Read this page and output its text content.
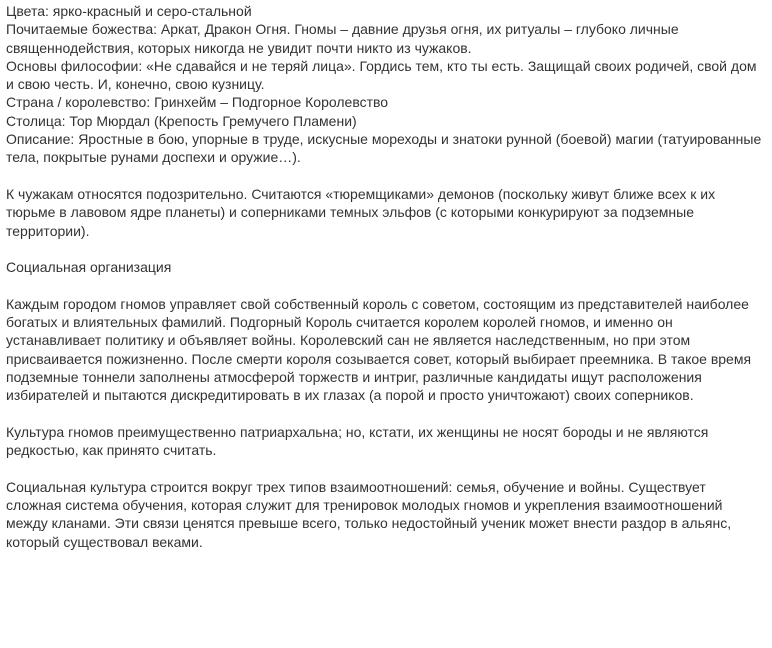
Цвета: ярко-красный и серо-стальной

Почитаемые божества: Аркат, Дракон Огня. Гномы – давние друзья огня, их ритуалы – глубоко личные священнодействия, которых никогда не увидит почти никто из чужаков.

Основы философии: «Не сдавайся и не теряй лица». Гордись тем, кто ты есть. Защищай своих родичей, свой дом и свою честь. И, конечно, свою кузницу.

Страна / королевство: Гринхейм – Подгорное Королевство

Столица: Тор Мюрдал (Крепость Гремучего Пламени)

Описание: Яростные в бою, упорные в труде, искусные мореходы и знатоки рунной (боевой) магии (татуированные тела, покрытые рунами доспехи и оружие…).

К чужакам относятся подозрительно. Считаются «тюремщиками» демонов (поскольку живут ближе всех к их тюрьме в лавовом ядре планеты) и соперниками темных эльфов (с которыми конкурируют за подземные территории).

Социальная организация

Каждым городом гномов управляет свой собственный король с советом, состоящим из представителей наиболее богатых и влиятельных фамилий. Подгорный Король считается королем королей гномов, и именно он устанавливает политику и объявляет войны. Королевский сан не является наследственным, но при этом присваивается пожизненно. После смерти короля созывается совет, который выбирает преемника. В такое время подземные тоннели заполнены атмосферой торжеств и интриг, различные кандидаты ищут расположения избирателей и пытаются дискредитировать в их глазах (а порой и просто уничтожают) своих соперников.

Культура гномов преимущественно патриархальна; но, кстати, их женщины не носят бороды и не являются редкостью, как принято считать.

Социальная культура строится вокруг трех типов взаимоотношений: семья, обучение и войны. Существует сложная система обучения, которая служит для тренировок молодых гномов и укрепления взаимоотношений между кланами. Эти связи ценятся превыше всего, только недостойный ученик может внести раздор в альянс, который существовал веками.
